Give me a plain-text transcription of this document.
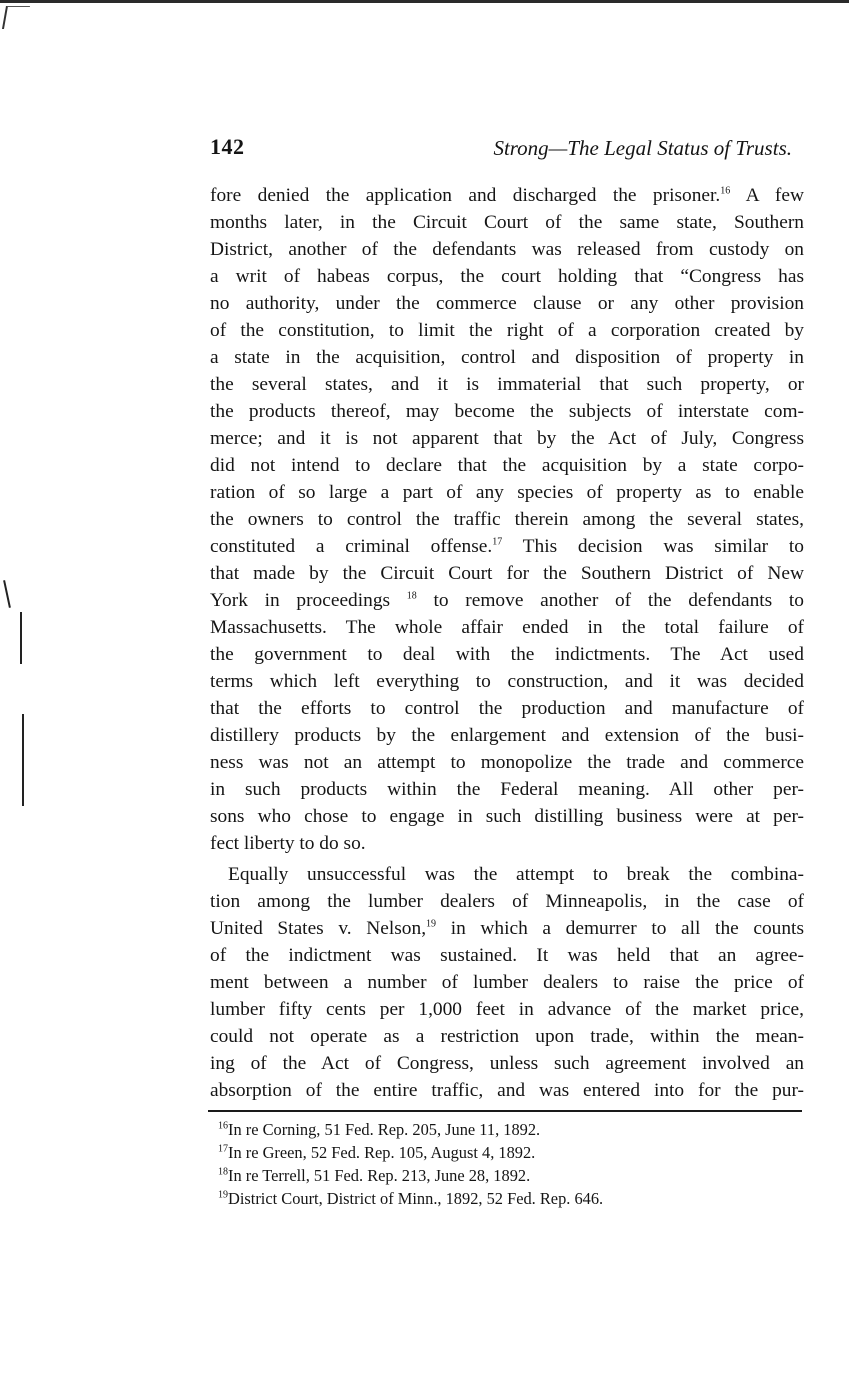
142	Strong—The Legal Status of Trusts.
fore denied the application and discharged the prisoner.$^{16}$ A few
months later, in the Circuit Court of the same state, Southern
District, another of the defendants was released from custody on
a writ of habeas corpus, the court holding that “Congress has
no authority, under the commerce clause or any other provision
of the constitution, to limit the right of a corporation created by
a state in the acquisition, control and disposition of property in
the several states, and it is immaterial that such property, or
the products thereof, may become the subjects of interstate com-
merce; and it is not apparent that by the Act of July, Congress
did not intend to declare that the acquisition by a state corpo-
ration of so large a part of any species of property as to enable
the owners to control the traffic therein among the several states,
constituted a criminal offense.$^{17}$ This decision was similar to
that made by the Circuit Court for the Southern District of New
York in proceedings $^{18}$ to remove another of the defendants to
Massachusetts. The whole affair ended in the total failure of
the government to deal with the indictments. The Act used
terms which left everything to construction, and it was decided
that the efforts to control the production and manufacture of
distillery products by the enlargement and extension of the busi-
ness was not an attempt to monopolize the trade and commerce
in such products within the Federal meaning. All other per-
sons who chose to engage in such distilling business were at per-
fect liberty to do so.
Equally unsuccessful was the attempt to break the combina-
tion among the lumber dealers of Minneapolis, in the case of
United States v. Nelson,$^{19}$ in which a demurrer to all the counts
of the indictment was sustained. It was held that an agree-
ment between a number of lumber dealers to raise the price of
lumber fifty cents per 1,000 feet in advance of the market price,
could not operate as a restriction upon trade, within the mean-
ing of the Act of Congress, unless such agreement involved an
absorption of the entire traffic, and was entered into for the pur-
$^{16}$In re Corning, 51 Fed. Rep. 205, June 11, 1892.
$^{17}$In re Green, 52 Fed. Rep. 105, August 4, 1892.
$^{18}$In re Terrell, 51 Fed. Rep. 213, June 28, 1892.
$^{19}$District Court, District of Minn., 1892, 52 Fed. Rep. 646.
